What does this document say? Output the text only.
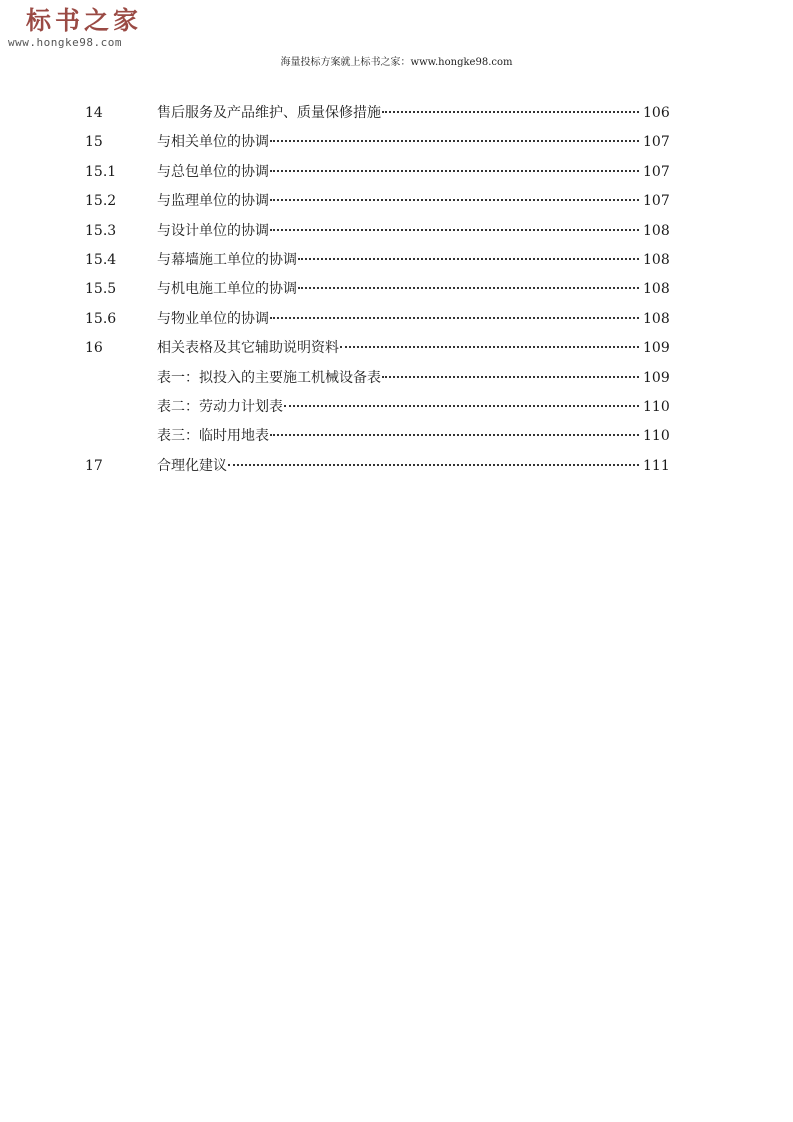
标书之家
www.hongke98.com
海量投标方案就上标书之家：www.hongke98.com
14	售后服务及产品维护、质量保修措施	106
15	与相关单位的协调	107
15.1	与总包单位的协调	107
15.2	与监理单位的协调	107
15.3	与设计单位的协调	108
15.4	与幕墙施工单位的协调	108
15.5	与机电施工单位的协调	108
15.6	与物业单位的协调	108
16	相关表格及其它辅助说明资料	109
表一：拟投入的主要施工机械设备表	109
表二：劳动力计划表	110
表三：临时用地表	110
17	合理化建议	111
